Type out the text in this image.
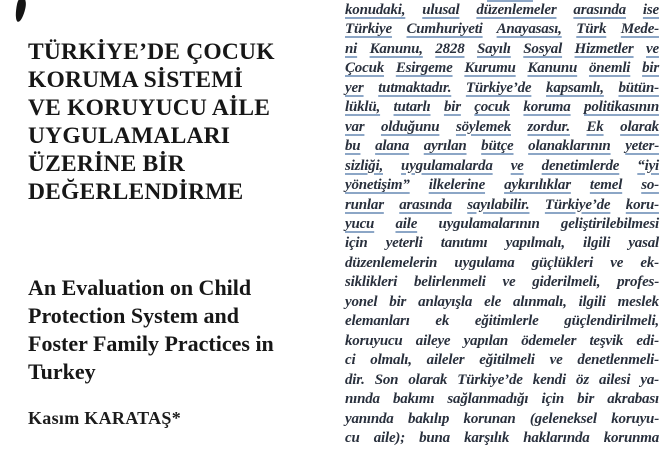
TÜRKİYE’DE ÇOCUK
KORUMA SİSTEMİ
VE KORUYUCU AİLE
UYGULAMALARI
ÜZERİNE BİR
DEĞERLENDİRME
An Evaluation on Child
Protection System and
Foster Family Practices in
Turkey
Kasım KARATAŞ*
konudaki, ulusal düzenlemeler arasında ise
Türkiye Cumhuriyeti Anayasası, Türk Mede-
ni Kanunu, 2828 Sayılı Sosyal Hizmetler ve
Çocuk Esirgeme Kurumu Kanunu önemli bir
yer tutmaktadır. Türkiye’de kapsamlı, bütün-
lüklü, tutarlı bir çocuk koruma politikasının
var olduğunu söylemek zordur. Ek olarak
bu alana ayrılan bütçe olanaklarının yeter-
sizliği, uygulamalarda ve denetimlerde “iyi
yönetişim” ilkelerine aykırılıklar temel so-
runlar arasında sayılabilir. Türkiye’de koru-
yucu aile uygulamalarının geliştirilebilmesi
için yeterli tanıtımı yapılmalı, ilgili yasal
düzenlemelerin uygulama güçlükleri ve ek-
siklikleri belirlenmeli ve giderilmeli, profes-
yonel bir anlayışla ele alınmalı, ilgili meslek
elemanları ek eğitimlerle güçlendirilmeli,
koruyucu aileye yapılan ödemeler teşvik edi-
ci olmalı, aileler eğitilmeli ve denetlenmeli-
dir. Son olarak Türkiye’de kendi öz ailesi ya-
nında bakımı sağlanmadığı için bir akrabası
yanında bakılıp korunan (geleneksel koruyu-
cu aile); buna karşılık haklarında korunma
